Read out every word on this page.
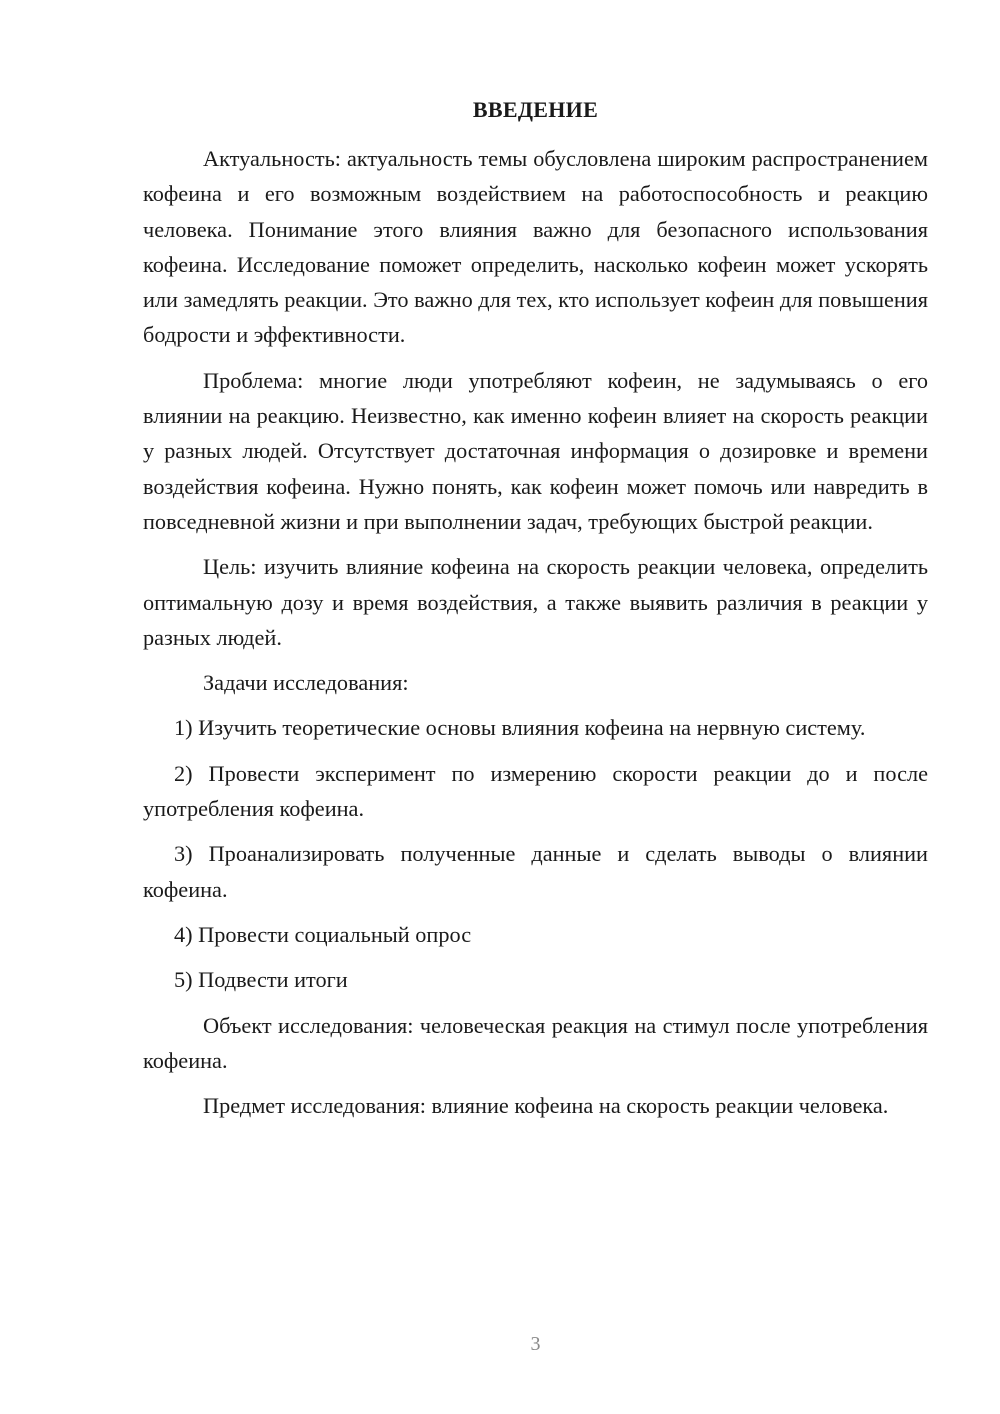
ВВЕДЕНИЕ

Актуальность: актуальность темы обусловлена широким распространением кофеина и его возможным воздействием на работоспособность и реакцию человека. Понимание этого влияния важно для безопасного использования кофеина. Исследование поможет определить, насколько кофеин может ускорять или замедлять реакции. Это важно для тех, кто использует кофеин для повышения бодрости и эффективности.

Проблема: многие люди употребляют кофеин, не задумываясь о его влиянии на реакцию. Неизвестно, как именно кофеин влияет на скорость реакции у разных людей. Отсутствует достаточная информация о дозировке и времени воздействия кофеина. Нужно понять, как кофеин может помочь или навредить в повседневной жизни и при выполнении задач, требующих быстрой реакции.

Цель: изучить влияние кофеина на скорость реакции человека, определить оптимальную дозу и время воздействия, а также выявить различия в реакции у разных людей.

Задачи исследования:

1) Изучить теоретические основы влияния кофеина на нервную систему.

2) Провести эксперимент по измерению скорости реакции до и после употребления кофеина.

3) Проанализировать полученные данные и сделать выводы о влиянии кофеина.

4) Провести социальный опрос

5) Подвести итоги

Объект исследования: человеческая реакция на стимул после употребления кофеина.

Предмет исследования: влияние кофеина на скорость реакции человека.

3
